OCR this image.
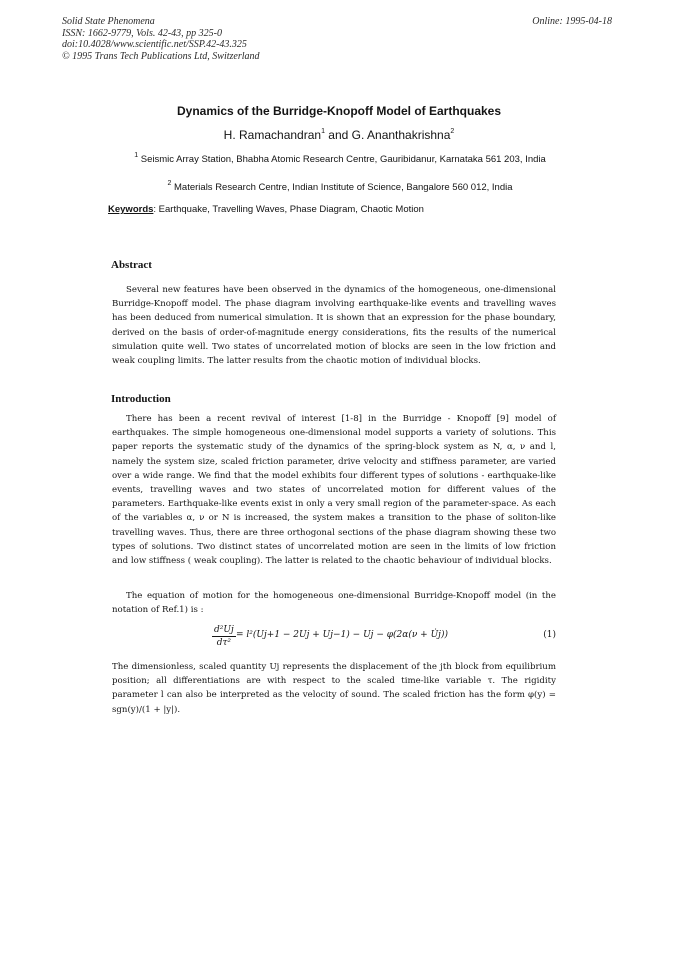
Solid State Phenomena
ISSN: 1662-9779, Vols. 42-43, pp 325-0
doi:10.4028/www.scientific.net/SSP.42-43.325
© 1995 Trans Tech Publications Ltd, Switzerland
Online: 1995-04-18
Dynamics of the Burridge-Knopoff Model of Earthquakes
H. Ramachandran$^1$ and G. Ananthakrishna$^2$
$^1$ Seismic Array Station, Bhabha Atomic Research Centre, Gauribidanur, Karnataka 561 203, India
$^2$ Materials Research Centre, Indian Institute of Science, Bangalore 560 012, India
Keywords: Earthquake, Travelling Waves, Phase Diagram, Chaotic Motion
Abstract
Several new features have been observed in the dynamics of the homogeneous, one-dimensional Burridge-Knopoff model. The phase diagram involving earthquake-like events and travelling waves has been deduced from numerical simulation. It is shown that an expression for the phase boundary, derived on the basis of order-of-magnitude energy considerations, fits the results of the numerical simulation quite well. Two states of uncorrelated motion of blocks are seen in the low friction and weak coupling limits. The latter results from the chaotic motion of individual blocks.
Introduction
There has been a recent revival of interest [1-8] in the Burridge - Knopoff [9] model of earthquakes. The simple homogeneous one-dimensional model supports a variety of solutions. This paper reports the systematic study of the dynamics of the spring-block system as N, α, ν and l, namely the system size, scaled friction parameter, drive velocity and stiffness parameter, are varied over a wide range. We find that the model exhibits four different types of solutions - earthquake-like events, travelling waves and two states of uncorrelated motion for different values of the parameters. Earthquake-like events exist in only a very small region of the parameter-space. As each of the variables α, ν or N is increased, the system makes a transition to the phase of soliton-like travelling waves. Thus, there are three orthogonal sections of the phase diagram showing these two types of solutions. Two distinct states of uncorrelated motion are seen in the limits of low friction and low stiffness ( weak coupling). The latter is related to the chaotic behaviour of individual blocks.
The equation of motion for the homogeneous one-dimensional Burridge-Knopoff model (in the notation of Ref.1) is :
$\frac{\text{d²Uj}}{\text{dτ²}} = l^2(Uj+1 - 2Uj + Uj-1) - Uj - \varphi(2\alpha(\nu$ + U̇j))	(1)
The dimensionless, scaled quantity Uj represents the displacement of the jth block from equilibrium position; all differentiations are with respect to the scaled time-like variable τ. The rigidity parameter l can also be interpreted as the velocity of sound. The scaled friction has the form φ(y) = sgn(y)/(1 + |y|).
